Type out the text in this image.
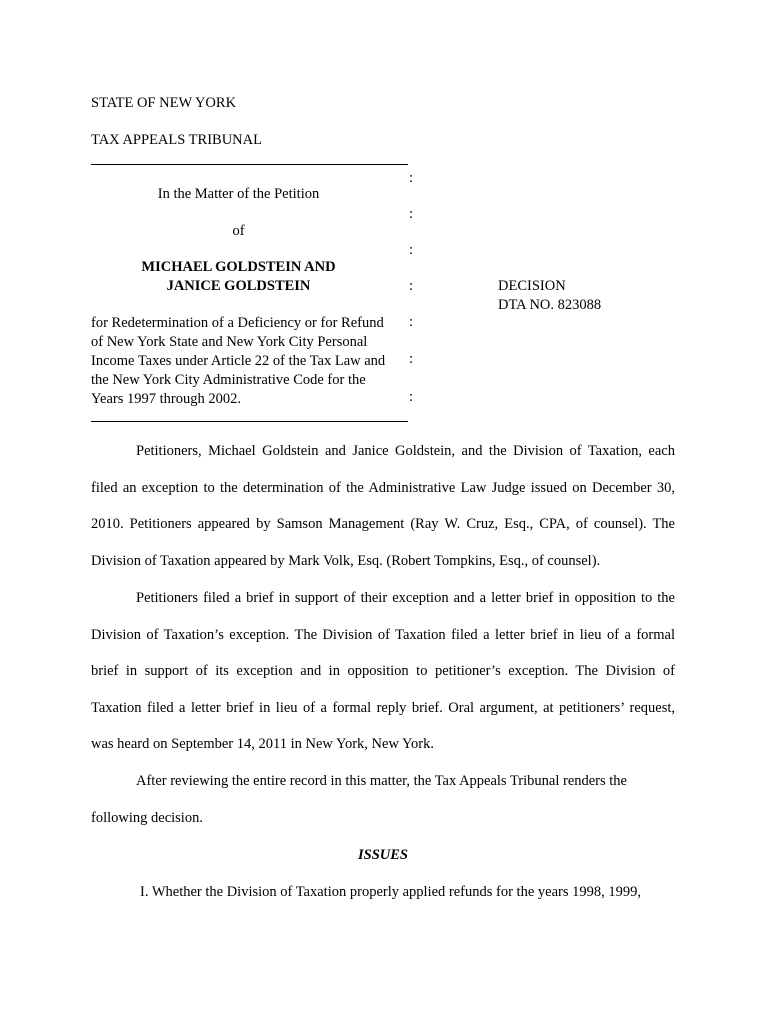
STATE OF NEW YORK
TAX APPEALS TRIBUNAL
:
In the Matter of the Petition
:
of
:
MICHAEL GOLDSTEIN AND
JANICE GOLDSTEIN	:
for Redetermination of a Deficiency or for Refund
of New York State and New York City Personal
Income Taxes under Article 22 of the Tax Law and
the New York City Administrative Code for the
Years 1997 through 2002.
:
:
:
DECISION
DTA NO. 823088
Petitioners, Michael Goldstein and Janice Goldstein, and the Division of Taxation, each
filed an exception to the determination of the Administrative Law Judge issued on December 30,
2010. Petitioners appeared by Samson Management (Ray W. Cruz, Esq., CPA, of counsel). The
Division of Taxation appeared by Mark Volk, Esq. (Robert Tompkins, Esq., of counsel).
Petitioners filed a brief in support of their exception and a letter brief in opposition to the
Division of Taxation’s exception. The Division of Taxation filed a letter brief in lieu of a formal
brief in support of its exception and in opposition to petitioner’s exception. The Division of
Taxation filed a letter brief in lieu of a formal reply brief. Oral argument, at petitioners’ request,
was heard on September 14, 2011 in New York, New York.
After reviewing the entire record in this matter, the Tax Appeals Tribunal renders the
following decision.
ISSUES
I. Whether the Division of Taxation properly applied refunds for the years 1998, 1999,
